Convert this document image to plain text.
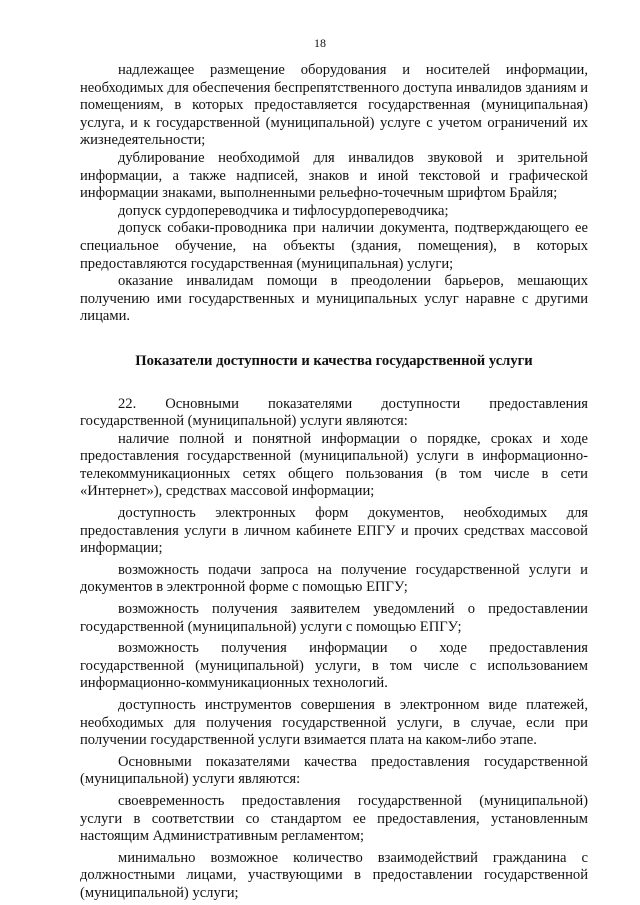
18

надлежащее размещение оборудования и носителей информации, необходимых для обеспечения беспрепятственного доступа инвалидов зданиям и помещениям, в которых предоставляется государственная (муниципальная) услуга, и к государственной (муниципальной) услуге с учетом ограничений их жизнедеятельности;

дублирование необходимой для инвалидов звуковой и зрительной информации, а также надписей, знаков и иной текстовой и графической информации знаками, выполненными рельефно-точечным шрифтом Брайля;

допуск сурдопереводчика и тифлосурдопереводчика;

допуск собаки-проводника при наличии документа, подтверждающего ее специальное обучение, на объекты (здания, помещения), в которых предоставляются государственная (муниципальная) услуги;

оказание инвалидам помощи в преодолении барьеров, мешающих получению ими государственных и муниципальных услуг наравне с другими лицами.

Показатели доступности и качества государственной услуги

22. Основными показателями доступности предоставления государственной (муниципальной) услуги являются:

наличие полной и понятной информации о порядке, сроках и ходе предоставления государственной (муниципальной) услуги в информационно-телекоммуникационных сетях общего пользования (в том числе в сети «Интернет»), средствах массовой информации;

доступность электронных форм документов, необходимых для предоставления услуги в личном кабинете ЕПГУ и прочих средствах массовой информации;

возможность подачи запроса на получение государственной услуги и документов в электронной форме с помощью ЕПГУ;

возможность получения заявителем уведомлений о предоставлении государственной (муниципальной) услуги с помощью ЕПГУ;

возможность получения информации о ходе предоставления государственной (муниципальной) услуги, в том числе с использованием информационно-коммуникационных технологий.

доступность инструментов совершения в электронном виде платежей, необходимых для получения государственной услуги, в случае, если при получении государственной услуги взимается плата на каком-либо этапе.

Основными показателями качества предоставления государственной (муниципальной) услуги являются:

своевременность предоставления государственной (муниципальной) услуги в соответствии со стандартом ее предоставления, установленным настоящим Административным регламентом;

минимально возможное количество взаимодействий гражданина с должностными лицами, участвующими в предоставлении государственной (муниципальной) услуги;
